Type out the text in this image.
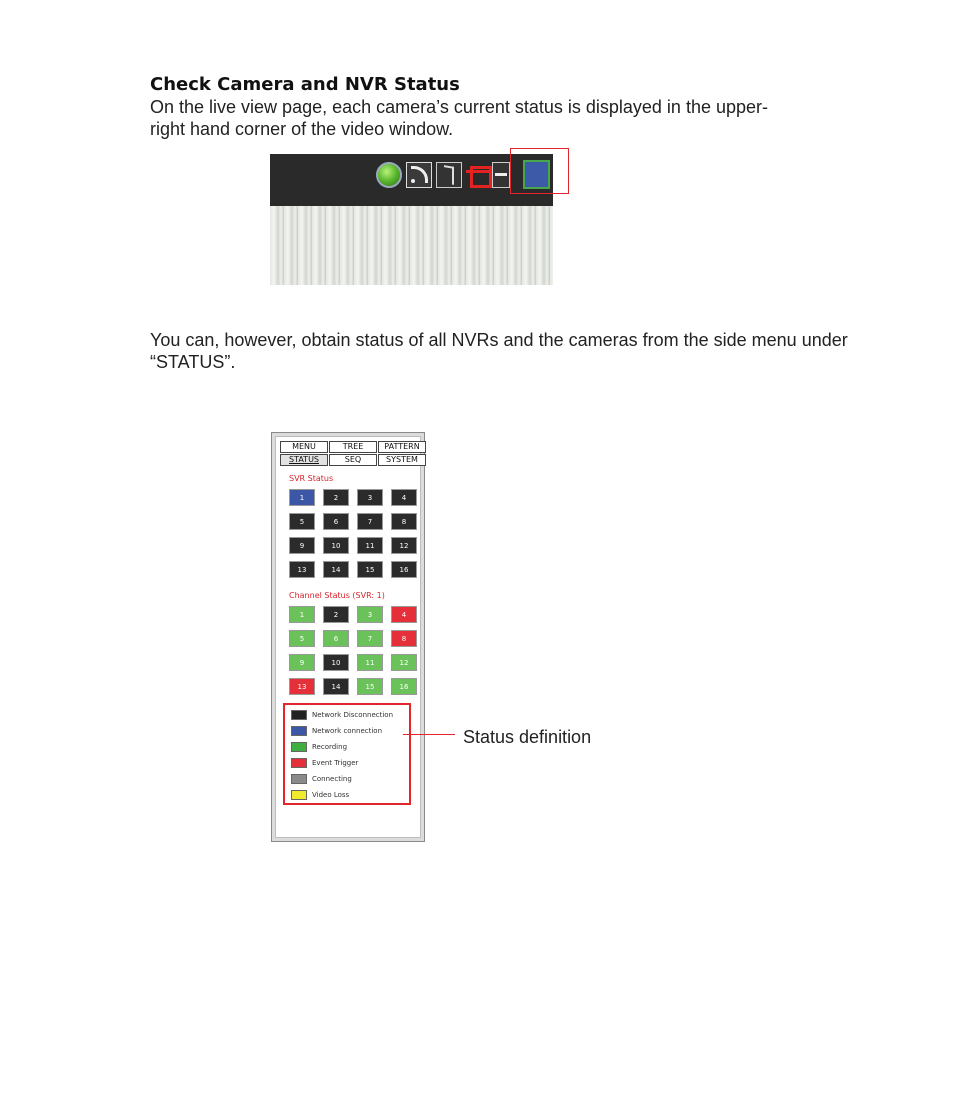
Check Camera and NVR Status
On the live view page, each camera’s current status is displayed in the upper-right hand corner of the video window.
You can, however, obtain status of all NVRs and the cameras from the side menu under “STATUS”.
MENU	TREE	PATTERN
STATUS	SEQ	SYSTEM
SVR Status
1	2	3	4
5	6	7	8
9	10	11	12
13	14	15	16
Channel Status (SVR: 1)
1	2	3	4
5	6	7	8
9	10	11	12
13	14	15	16
Network Disconnection
Network connection
Recording
Event Trigger
Connecting
Video Loss
Status definition
